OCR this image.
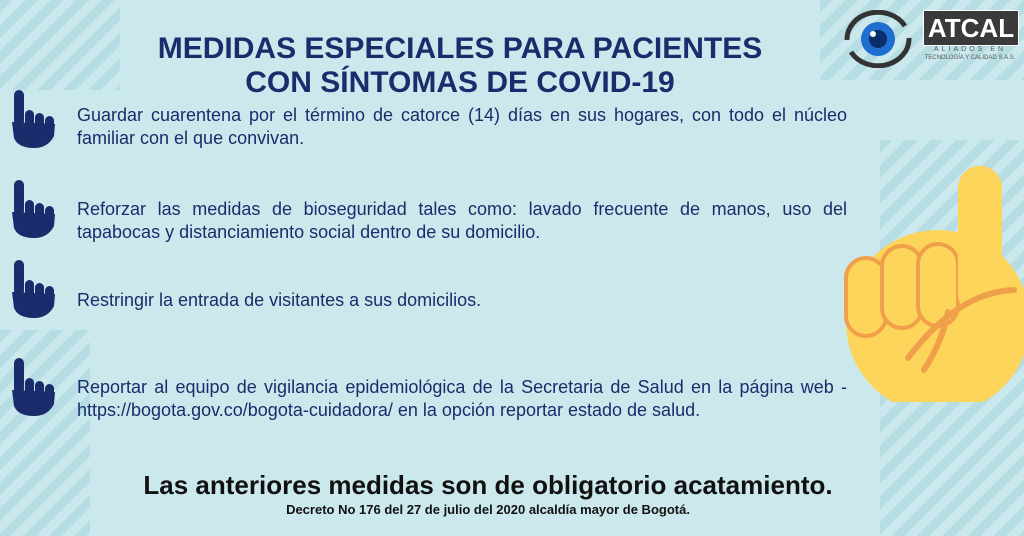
MEDIDAS ESPECIALES PARA PACIENTES
CON SÍNTOMAS DE COVID-19
ATCAL
ALIADOS EN
TECNOLOGÍA Y CALIDAD S.A.S.

Guardar cuarentena por el término de catorce (14) días en sus hogares, con todo el núcleo familiar con el que convivan.

Reforzar las medidas de bioseguridad tales como: lavado frecuente de manos, uso del tapabocas y distanciamiento social dentro de su domicilio.

Restringir la entrada de visitantes a sus domicilios.

Reportar al equipo de vigilancia epidemiológica de la Secretaria de Salud en la página web - https://bogota.gov.co/bogota-cuidadora/ en la opción reportar estado de salud.

Las anteriores medidas son de obligatorio acatamiento.

Decreto No 176 del 27 de julio del 2020 alcaldía mayor de Bogotá.
